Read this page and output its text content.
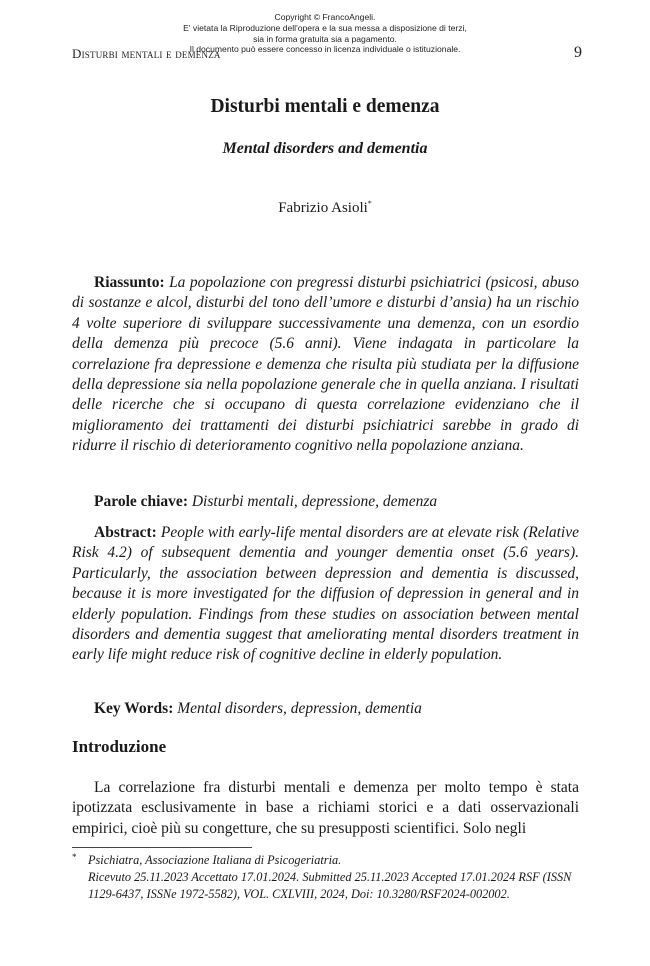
Copyright © FrancoAngeli.
E' vietata la Riproduzione dell'opera e la sua messa a disposizione di terzi,
sia in forma gratuita sia a pagamento.
Il documento può essere concesso in licenza individuale o istituzionale.
Disturbi mentali e demenza	9
Disturbi mentali e demenza
Mental disorders and dementia
Fabrizio Asioli*
Riassunto: La popolazione con pregressi disturbi psichiatrici (psicosi, abuso di sostanze e alcol, disturbi del tono dell’umore e disturbi d’ansia) ha un rischio 4 volte superiore di sviluppare successivamente una demenza, con un esordio della demenza più precoce (5.6 anni). Viene indagata in particolare la correlazione fra depressione e demenza che risulta più studiata per la diffusione della depressione sia nella popolazione generale che in quella anziana. I risultati delle ricerche che si occupano di questa correlazione evidenziano che il miglioramento dei trattamenti dei disturbi psichiatrici sarebbe in grado di ridurre il rischio di deterioramento cognitivo nella popolazione anziana.
Parole chiave: Disturbi mentali, depressione, demenza
Abstract: People with early-life mental disorders are at elevate risk (Relative Risk 4.2) of subsequent dementia and younger dementia onset (5.6 years). Particularly, the association between depression and dementia is discussed, because it is more investigated for the diffusion of depression in general and in elderly population. Findings from these studies on association between mental disorders and dementia suggest that ameliorating mental disorders treatment in early life might reduce risk of cognitive decline in elderly population.
Key Words: Mental disorders, depression, dementia
Introduzione
La correlazione fra disturbi mentali e demenza per molto tempo è stata ipotizzata esclusivamente in base a richiami storici e a dati osservazionali empirici, cioè più su congetture, che su presupposti scientifici. Solo negli
* Psichiatra, Associazione Italiana di Psicogeriatria.
Ricevuto 25.11.2023 Accettato 17.01.2024. Submitted 25.11.2023 Accepted 17.01.2024 RSF (ISSN 1129-6437, ISSNe 1972-5582), VOL. CXLVIII, 2024, Doi: 10.3280/RSF2024-002002.
